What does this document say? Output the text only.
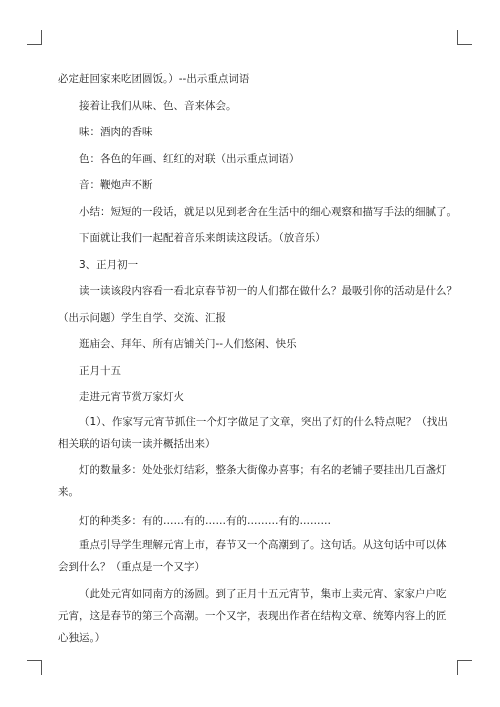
必定赶回家来吃团圆饭。）--出示重点词语

接着让我们从味、色、音来体会。

味：酒肉的香味

色：各色的年画、红红的对联（出示重点词语）

音：鞭炮声不断

小结：短短的一段话，就足以见到老舍在生活中的细心观察和描写手法的细腻了。

下面就让我们一起配着音乐来朗读这段话。（放音乐）

3、正月初一

读一读该段内容看一看北京春节初一的人们都在做什么？最吸引你的活动是什么？

（出示问题）学生自学、交流、汇报

逛庙会、拜年、所有店铺关门--人们悠闲、快乐

正月十五

走进元宵节赏万家灯火

（1）、作家写元宵节抓住一个灯字做足了文章，突出了灯的什么特点呢？（找出相关联的语句读一读并概括出来）

灯的数量多：处处张灯结彩，整条大街像办喜事；有名的老铺子要挂出几百盏灯来。

灯的种类多：有的……有的……有的………有的………

重点引导学生理解元宵上市，春节又一个高潮到了。这句话。从这句话中可以体会到什么？（重点是一个又字）

（此处元宵如同南方的汤圆。到了正月十五元宵节，集市上卖元宵、家家户户吃元宵，这是春节的第三个高潮。一个又字，表现出作者在结构文章、统筹内容上的匠心独运。）
